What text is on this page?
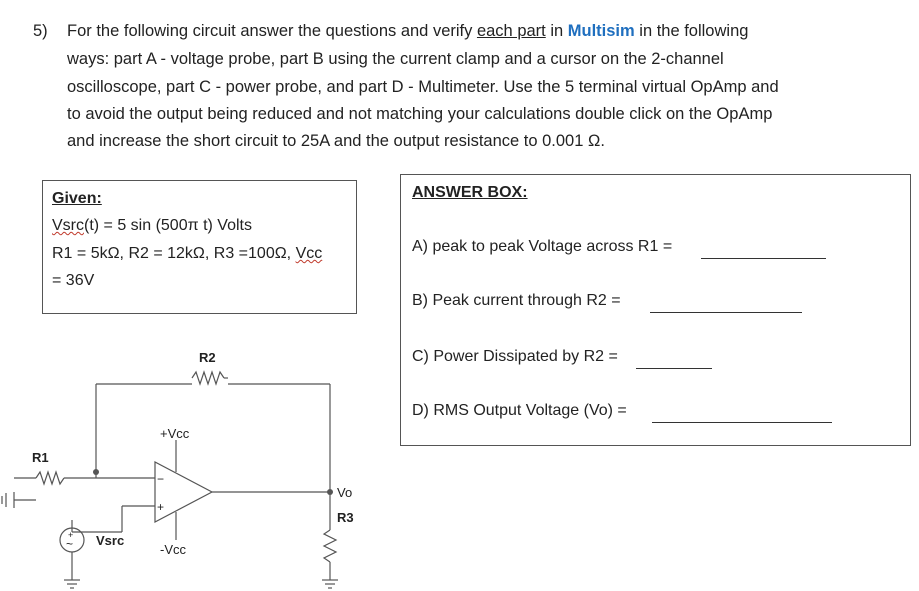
5) For the following circuit answer the questions and verify each part in Multisim in the following
ways: part A - voltage probe, part B using the current clamp and a cursor on the 2-channel
oscilloscope, part C - power probe, and part D - Multimeter. Use the 5 terminal virtual OpAmp and
to avoid the output being reduced and not matching your calculations double click on the OpAmp
and increase the short circuit to 25A and the output resistance to 0.001 Ω.
Given:
Vsrc(t) = 5 sin (500π t) Volts
R1 = 5kΩ, R2 = 12kΩ, R3 =100Ω, Vcc
= 36V
ANSWER BOX:
A) peak to peak Voltage across R1 =
B) Peak current through R2 =
C) Power Dissipated by R2 =
D) RMS Output Voltage (Vo) =
R1
R2
R3
+Vcc
-Vcc
Vsrc
Vo
−
+
+
~
